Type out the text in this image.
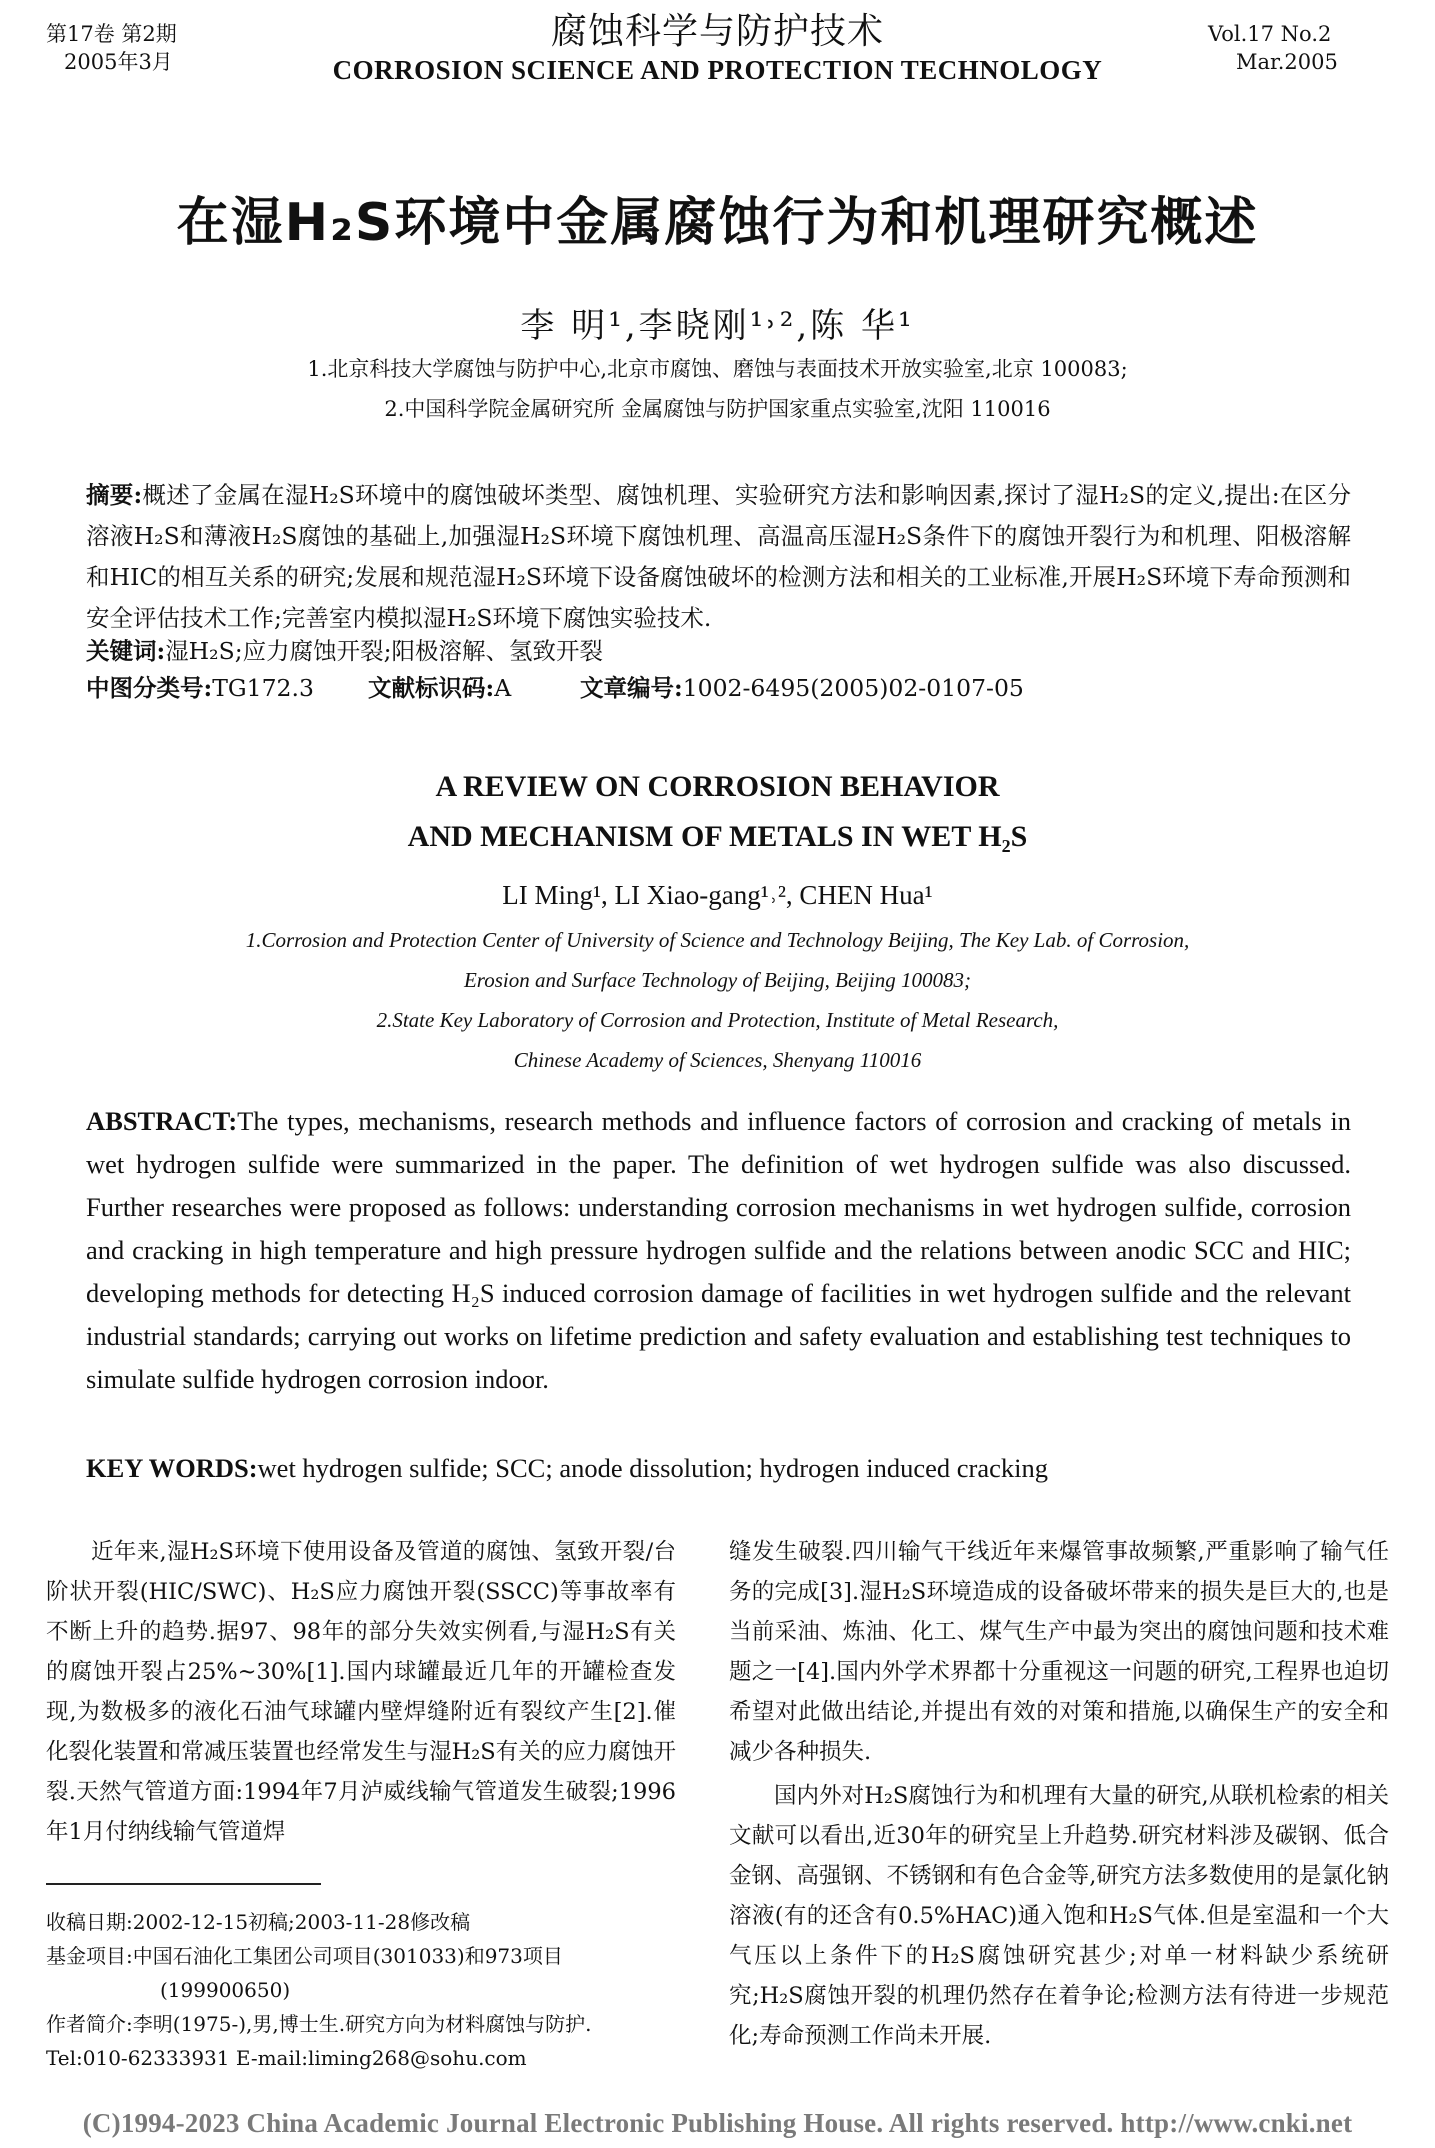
第17卷 第2期
2005年3月
腐蚀科学与防护技术
CORROSION SCIENCE AND PROTECTION TECHNOLOGY
Vol.17 No.2
Mar.2005
在湿H₂S环境中金属腐蚀行为和机理研究概述
李 明¹,李晓刚¹˒²,陈 华¹
1.北京科技大学腐蚀与防护中心,北京市腐蚀、磨蚀与表面技术开放实验室,北京 100083;
2.中国科学院金属研究所 金属腐蚀与防护国家重点实验室,沈阳 110016
摘要:概述了金属在湿H₂S环境中的腐蚀破坏类型、腐蚀机理、实验研究方法和影响因素,探讨了湿H₂S的定义,提出:在区分溶液H₂S和薄液H₂S腐蚀的基础上,加强湿H₂S环境下腐蚀机理、高温高压湿H₂S条件下的腐蚀开裂行为和机理、阳极溶解和HIC的相互关系的研究;发展和规范湿H₂S环境下设备腐蚀破坏的检测方法和相关的工业标准,开展H₂S环境下寿命预测和安全评估技术工作;完善室内模拟湿H₂S环境下腐蚀实验技术.
关键词:湿H₂S;应力腐蚀开裂;阳极溶解、氢致开裂
中图分类号:TG172.3 文献标识码:A	文章编号:1002-6495(2005)02-0107-05
A REVIEW ON CORROSION BEHAVIOR
AND MECHANISM OF METALS IN WET H₂S
LI Ming¹, LI Xiao-gang¹˒², CHEN Hua¹
1.Corrosion and Protection Center of University of Science and Technology Beijing, The Key Lab. of Corrosion,
Erosion and Surface Technology of Beijing, Beijing 100083;
2.State Key Laboratory of Corrosion and Protection, Institute of Metal Research,
Chinese Academy of Sciences, Shenyang 110016
ABSTRACT:The types, mechanisms, research methods and influence factors of corrosion and cracking of metals in wet hydrogen sulfide were summarized in the paper. The definition of wet hydrogen sulfide was also discussed. Further researches were proposed as follows: understanding corrosion mechanisms in wet hydrogen sulfide, corrosion and cracking in high temperature and high pressure hydrogen sulfide and the relations between anodic SCC and HIC; developing methods for detecting H₂S induced corrosion damage of facilities in wet hydrogen sulfide and the relevant industrial standards; carrying out works on lifetime prediction and safety evaluation and establishing test techniques to simulate sulfide hydrogen corrosion indoor.
KEY WORDS:wet hydrogen sulfide; SCC; anode dissolution; hydrogen induced cracking

近年来,湿H₂S环境下使用设备及管道的腐蚀、氢致开裂/台阶状开裂(HIC/SWC)、H₂S应力腐蚀开裂(SSCC)等事故率有不断上升的趋势.据97、98年的部分失效实例看,与湿H₂S有关的腐蚀开裂占25%~30%[1].国内球罐最近几年的开罐检查发现,为数极多的液化石油气球罐内壁焊缝附近有裂纹产生[2].催化裂化装置和常减压装置也经常发生与湿H₂S有关的应力腐蚀开裂.天然气管道方面:1994年7月泸威线输气管道发生破裂;1996年1月付纳线输气管道焊

缝发生破裂.四川输气干线近年来爆管事故频繁,严重影响了输气任务的完成[3].湿H₂S环境造成的设备破坏带来的损失是巨大的,也是当前采油、炼油、化工、煤气生产中最为突出的腐蚀问题和技术难题之一[4].国内外学术界都十分重视这一问题的研究,工程界也迫切希望对此做出结论,并提出有效的对策和措施,以确保生产的安全和减少各种损失.

国内外对H₂S腐蚀行为和机理有大量的研究,从联机检索的相关文献可以看出,近30年的研究呈上升趋势.研究材料涉及碳钢、低合金钢、高强钢、不锈钢和有色合金等,研究方法多数使用的是氯化钠溶液(有的还含有0.5%HAC)通入饱和H₂S气体.但是室温和一个大气压以上条件下的H₂S腐蚀研究甚少;对单一材料缺少系统研究;H₂S腐蚀开裂的机理仍然存在着争论;检测方法有待进一步规范化;寿命预测工作尚未开展.

收稿日期:2002-12-15初稿;2003-11-28修改稿
基金项目:中国石油化工集团公司项目(301033)和973项目
(199900650)
作者简介:李明(1975-),男,博士生.研究方向为材料腐蚀与防护.
Tel:010-62333931 E-mail:liming268@sohu.com
(C)1994-2023 China Academic Journal Electronic Publishing House. All rights reserved. http://www.cnki.net
